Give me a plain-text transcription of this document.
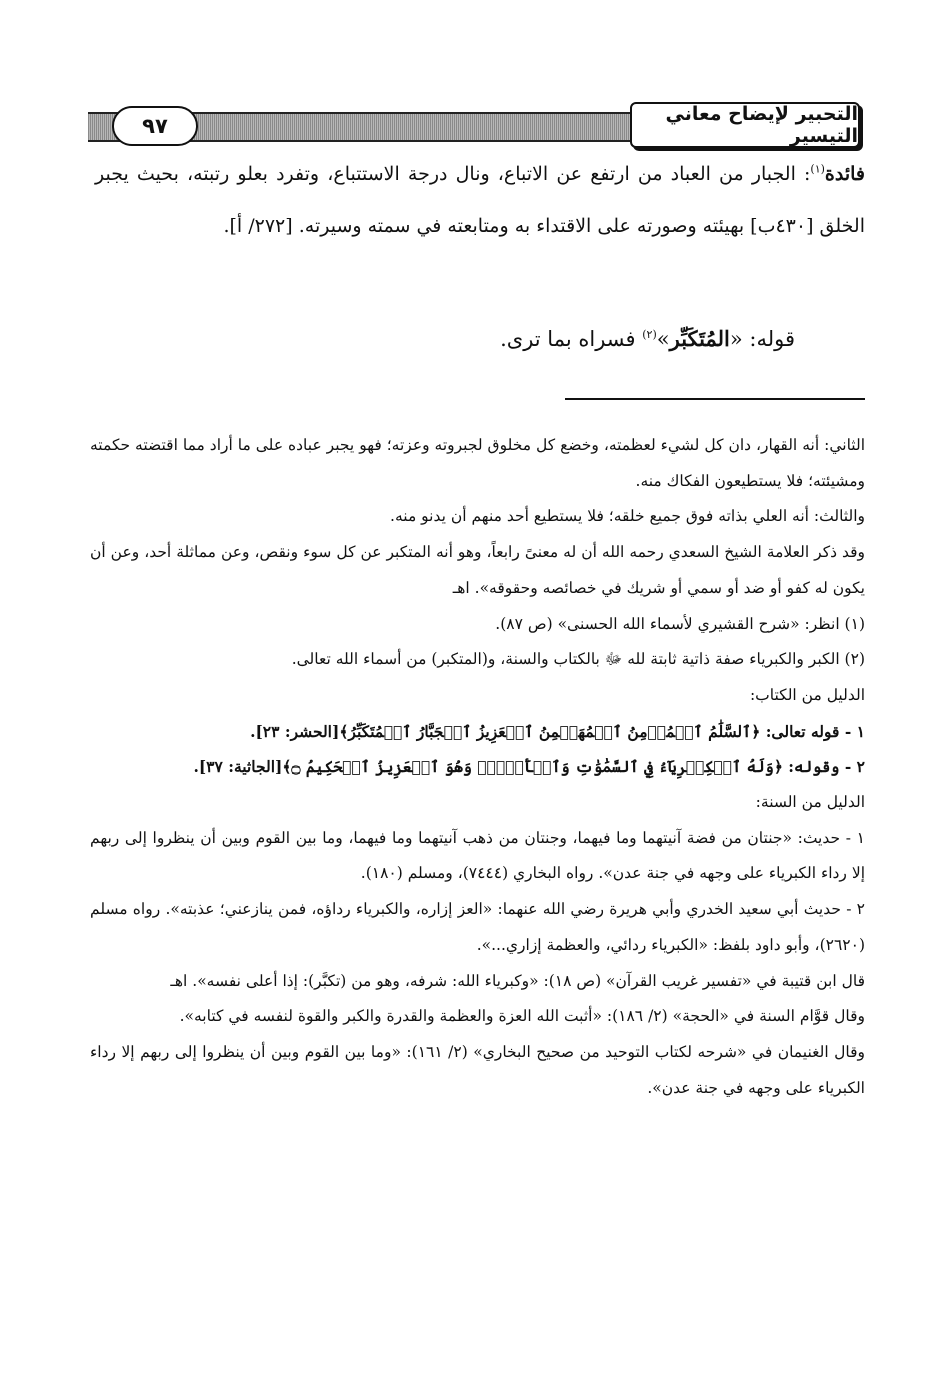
٩٧	التحبير لإيضاح معاني التيسير

فائدة$^{(١)}$: الجبار من العباد من ارتفع عن الاتباع، ونال درجة الاستتباع، وتفرد بعلو رتبته، بحيث يجبر الخلق [٤٣٠ب] بهيئته وصورته على الاقتداء به ومتابعته في سمته وسيرته. [٢٧٢/ أ].

قوله: «المُتَكَبِّر»$^{(٢)}$ فسراه بما ترى.

الثاني: أنه القهار، دان كل لشيء لعظمته، وخضع كل مخلوق لجبروته وعزته؛ فهو يجبر عباده على ما أراد مما اقتضته حكمته ومشيئته؛ فلا يستطيعون الفكاك منه.

والثالث: أنه العلي بذاته فوق جميع خلقه؛ فلا يستطيع أحد منهم أن يدنو منه.

وقد ذكر العلامة الشيخ السعدي رحمه الله أن له معنىً رابعاً، وهو أنه المتكبر عن كل سوء ونقص، وعن مماثلة أحد، وعن أن يكون له كفو أو ضد أو سمي أو شريك في خصائصه وحقوقه». اهـ

(١) انظر: «شرح القشيري لأسماء الله الحسنى» (ص ٨٧).

(٢) الكبر والكبرياء صفة ذاتية ثابتة لله ﷻ بالكتاب والسنة، و(المتكبر) من أسماء الله تعالى.

الدليل من الكتاب:

١ - قوله تعالى: ﴿ٱلسَّلَٰمُ ٱلۡمُؤۡمِنُ ٱلۡمُهَيۡمِنُ ٱلۡعَزِيزُ ٱلۡجَبَّارُ ٱلۡمُتَكَبِّرُ﴾[الحشر: ٢٣].

٢ - وقوله: ﴿وَلَهُ ٱلۡكِبۡرِيَآءُ فِي ٱلسَّمَٰوَٰتِ وَٱلۡأَرۡضِۖ وَهُوَ ٱلۡعَزِيزُ ٱلۡحَكِيمُ ۝﴾[الجاثية: ٣٧].

الدليل من السنة:

١ - حديث: «جنتان من فضة آنيتهما وما فيهما، وجنتان من ذهب آنيتهما وما فيهما، وما بين القوم وبين أن ينظروا إلى ربهم إلا رداء الكبرياء على وجهه في جنة عدن». رواه البخاري (٧٤٤٤)، ومسلم (١٨٠).

٢ - حديث أبي سعيد الخدري وأبي هريرة رضي الله عنهما: «العز إزاره، والكبرياء رداؤه، فمن ينازعني؛ عذبته». رواه مسلم (٢٦٢٠)، وأبو داود بلفظ: «الكبرياء ردائي، والعظمة إزاري...».

قال ابن قتيبة في «تفسير غريب القرآن» (ص ١٨): «وكبرياء الله: شرفه، وهو من (تكبَّر): إذا أعلى نفسه». اهـ

وقال قوَّام السنة في «الحجة» (٢/ ١٨٦): «أثبت الله العزة والعظمة والقدرة والكبر والقوة لنفسه في كتابه».

وقال الغنيمان في «شرحه لكتاب التوحيد من صحيح البخاري» (٢/ ١٦١): «وما بين القوم وبين أن ينظروا إلى ربهم إلا رداء الكبرياء على وجهه في جنة عدن».
